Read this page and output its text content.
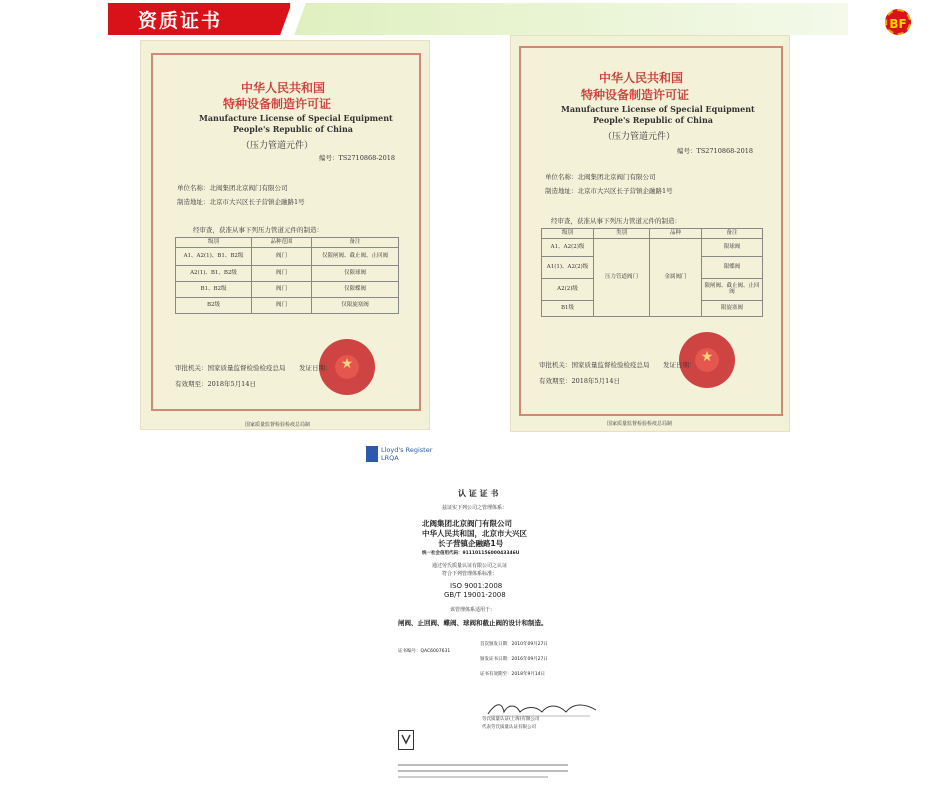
资质证书	BF
中华人民共和国
特种设备制造许可证
Manufacture License of Special Equipment
People's Republic of China
（压力管道元件）
编号：TS2710868-2018
单位名称：北阀集团北京阀门有限公司
制造地址：北京市大兴区长子营镇企融路1号
经审查，获准从事下列压力管道元件的制造：
级别	品种范围	备注
A1、A2(1)、B1、B2级	阀门	仅限闸阀、截止阀、止回阀
A2(1)、B1、B2级	阀门	仅限球阀
B1、B2级	阀门	仅限蝶阀
B2级	阀门	仅限旋塞阀
★
审批机关：国家质量监督检验检疫总局 发证日期：
有效期至：2018年5月14日
国家质量监督检验检疫总局制
中华人民共和国
特种设备制造许可证
Manufacture License of Special Equipment
People's Republic of China
（压力管道元件）
编号：TS2710868-2018
单位名称：北阀集团北京阀门有限公司
制造地址：北京市大兴区长子营镇企融路1号
经审查，获准从事下列压力管道元件的制造：
级别	类别	品种	备注
A1、A2(2)级	压力管道阀门	金属阀门	限球阀
A1(1)、A2(2)级			限蝶阀
A2(2)级			限闸阀、截止阀、止回阀
B1级			限旋塞阀
★
审批机关：国家质量监督检验检疫总局 发证日期：
有效期至：2018年5月14日
国家质量监督检验检疫总局制
Lloyd's Register
LRQA
认 证 证 书
兹证实下列公司之管理体系：
北阀集团北京阀门有限公司
中华人民共和国，北京市大兴区
长子营镇企融路1号
统一社会信用代码：91110115600043346U
通过劳氏质量认证有限公司之认证
符合下列管理体系标准：
ISO 9001:2008
GB/T 19001-2008
该管理体系适用于：
闸阀、止回阀、蝶阀、球阀和截止阀的设计和制造。
证书编号：QAC6007631
首次颁发日期：2010年09月27日
颁发证书日期：2016年09月27日
证书有效期至：2018年9月14日
劳氏质量认证(上海)有限公司
代表劳氏质量认证有限公司
